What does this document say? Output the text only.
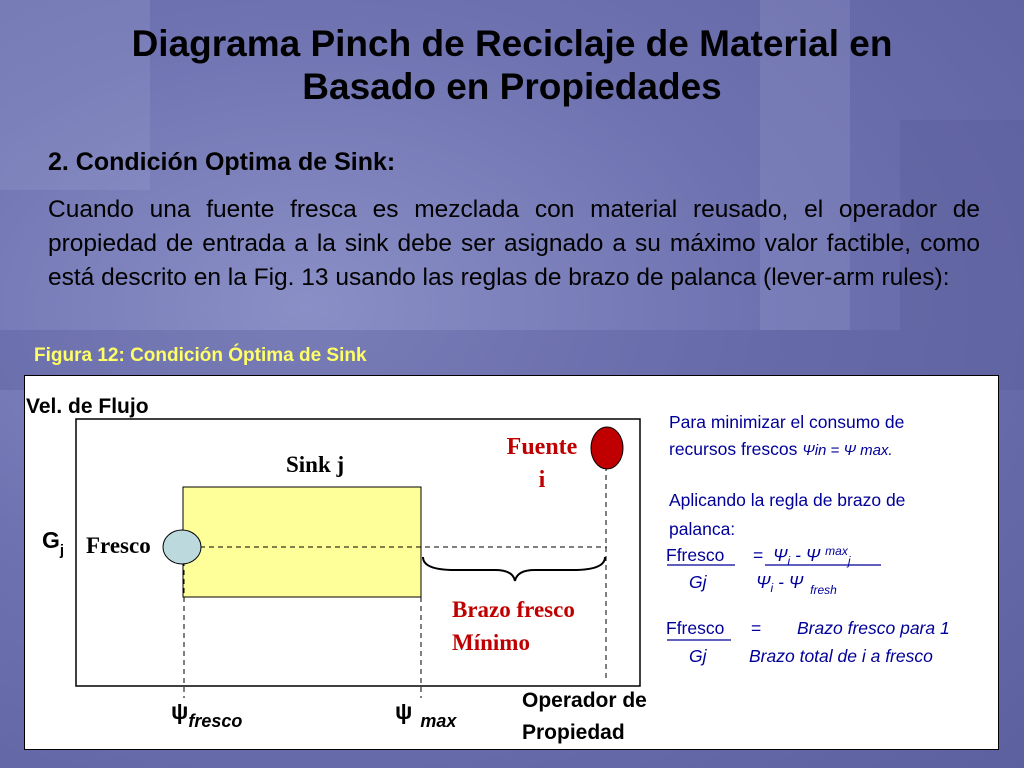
Diagrama Pinch de Reciclaje de Material en
Basado en Propiedades
2. Condición Optima de Sink:
Cuando una fuente fresca es mezclada con material reusado, el operador de propiedad de entrada a la sink debe ser asignado a su máximo valor factible, como está descrito en la Fig. 13 usando las reglas de brazo de palanca (lever-arm rules):
Figura 12: Condición Óptima de Sink
Vel. de Flujo
$G_j$ Fresco
Sink j
Fuente
i
Brazo fresco
Mínimo
$\psi_{fresco}$	ψ $_{max}$
Operador de
Propiedad
Para minimizar el consumo de
recursos frescos Ψin = Ψ max.
Aplicando la regla de brazo de
palanca:
Ffresco = $\Psi_i$ - Ψ $^{max}_j$
Gj	$\Psi_i$ - Ψ $_{fresh}$
Ffresco = Brazo fresco para 1
Gj Brazo total de i a fresco
